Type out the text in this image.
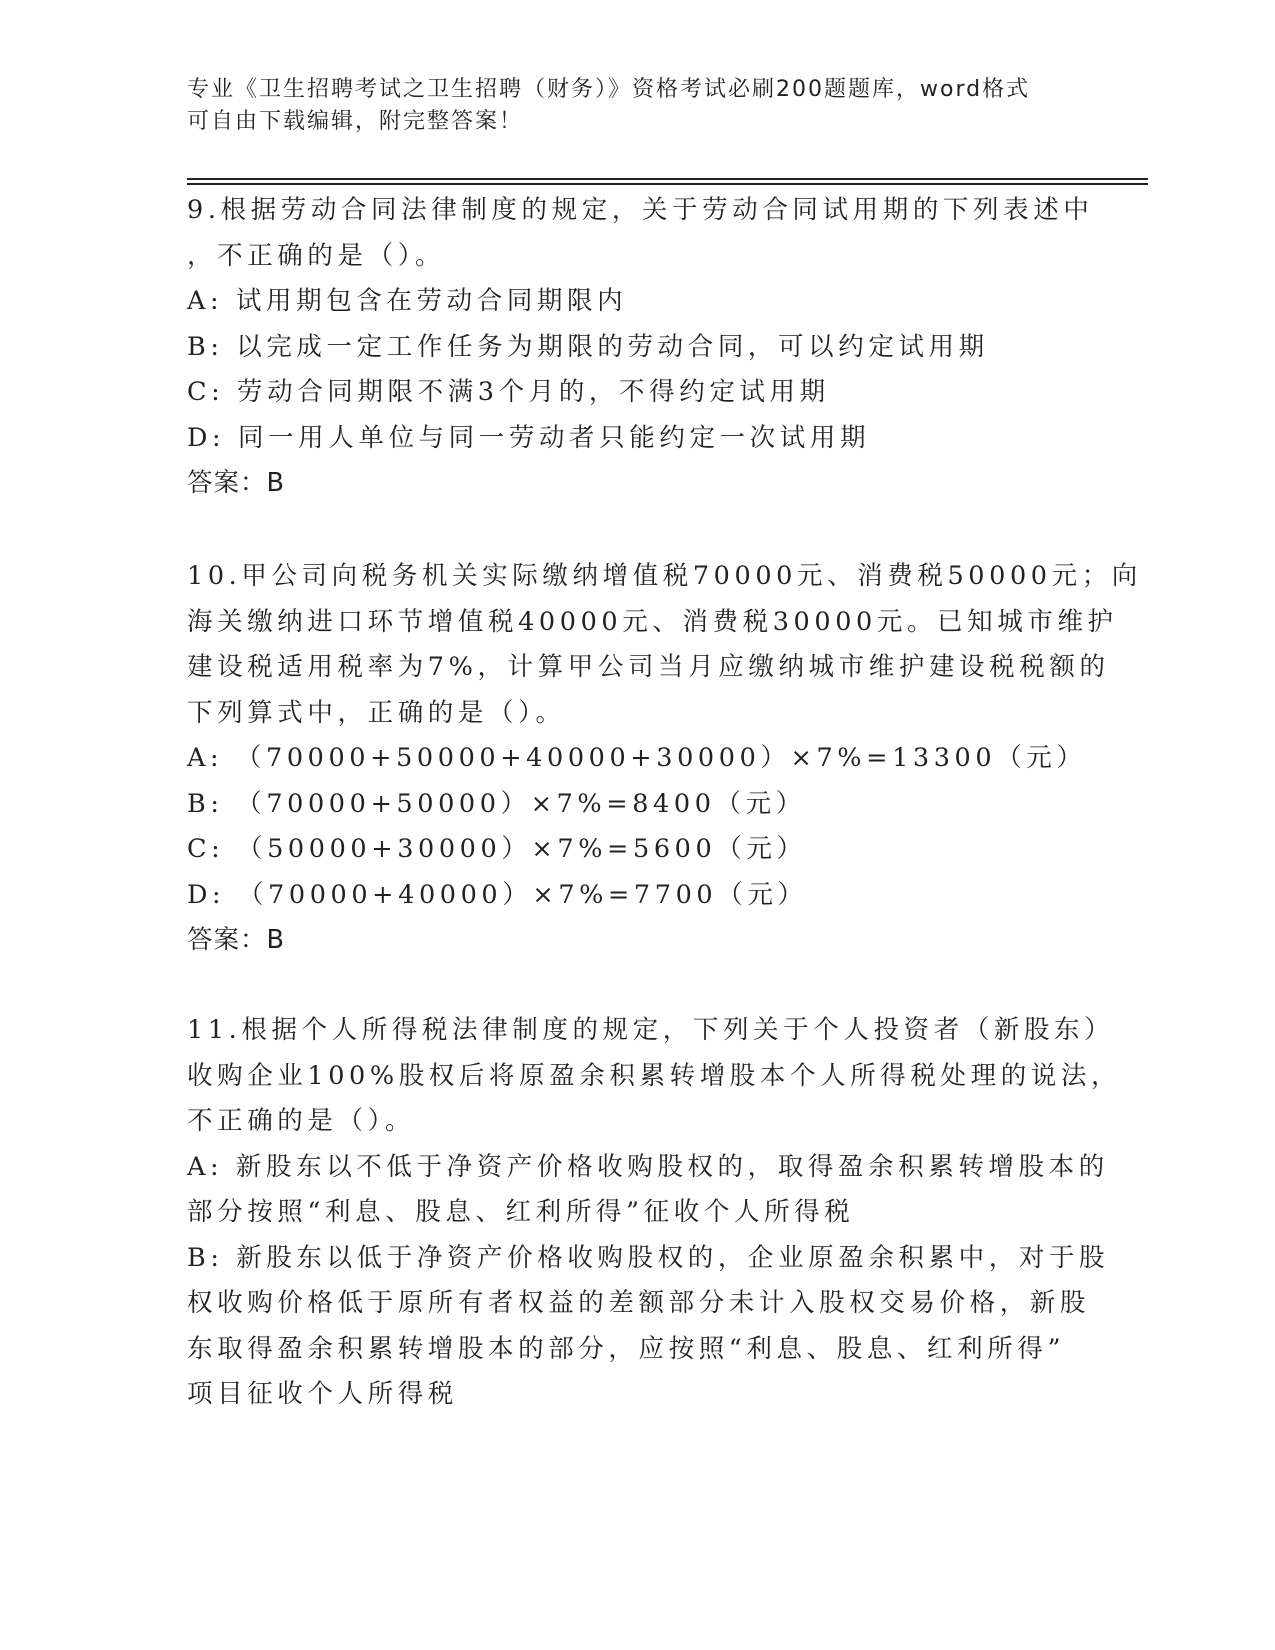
专业《卫生招聘考试之卫生招聘（财务）》资格考试必刷200题题库，word格式
可自由下载编辑，附完整答案！
9.根据劳动合同法律制度的规定，关于劳动合同试用期的下列表述中
，不正确的是（）。
A: 试用期包含在劳动合同期限内
B: 以完成一定工作任务为期限的劳动合同，可以约定试用期
C: 劳动合同期限不满3个月的，不得约定试用期
D: 同一用人单位与同一劳动者只能约定一次试用期
答案：B
10.甲公司向税务机关实际缴纳增值税70000元、消费税50000元；向
海关缴纳进口环节增值税40000元、消费税30000元。已知城市维护
建设税适用税率为7%，计算甲公司当月应缴纳城市维护建设税税额的
下列算式中，正确的是（）。
A: （70000+50000+40000+30000）×7%=13300（元）
B: （70000+50000）×7%=8400（元）
C: （50000+30000）×7%=5600（元）
D: （70000+40000）×7%=7700（元）
答案：B
11.根据个人所得税法律制度的规定，下列关于个人投资者（新股东）
收购企业100%股权后将原盈余积累转增股本个人所得税处理的说法，
不正确的是（）。
A: 新股东以不低于净资产价格收购股权的，取得盈余积累转增股本的
部分按照“利息、股息、红利所得”征收个人所得税
B: 新股东以低于净资产价格收购股权的，企业原盈余积累中，对于股
权收购价格低于原所有者权益的差额部分未计入股权交易价格，新股
东取得盈余积累转增股本的部分，应按照“利息、股息、红利所得”
项目征收个人所得税
